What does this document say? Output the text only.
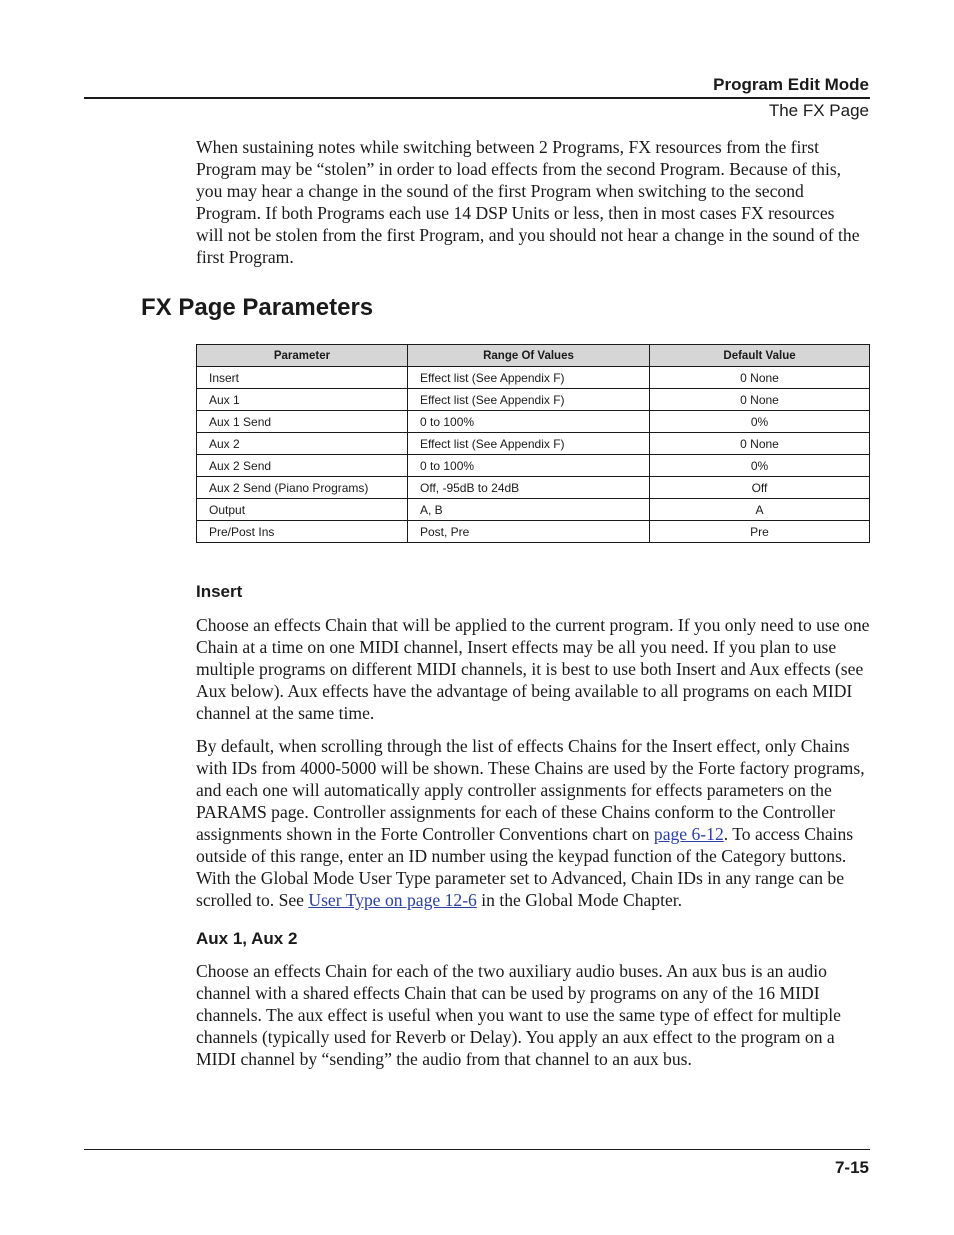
Program Edit Mode
The FX Page

When sustaining notes while switching between 2 Programs, FX resources from the first Program may be “stolen” in order to load effects from the second Program. Because of this, you may hear a change in the sound of the first Program when switching to the second Program. If both Programs each use 14 DSP Units or less, then in most cases FX resources will not be stolen from the first Program, and you should not hear a change in the sound of the first Program.

FX Page Parameters
Parameter	Range Of Values	Default Value
Insert	Effect list (See Appendix F)	0 None
Aux 1	Effect list (See Appendix F)	0 None
Aux 1 Send	0 to 100%	0%
Aux 2	Effect list (See Appendix F)	0 None
Aux 2 Send	0 to 100%	0%
Aux 2 Send (Piano Programs)	Off, -95dB to 24dB	Off
Output	A, B	A
Pre/Post Ins	Post, Pre	Pre
Insert

Choose an effects Chain that will be applied to the current program. If you only need to use one Chain at a time on one MIDI channel, Insert effects may be all you need. If you plan to use multiple programs on different MIDI channels, it is best to use both Insert and Aux effects (see Aux below). Aux effects have the advantage of being available to all programs on each MIDI channel at the same time.

By default, when scrolling through the list of effects Chains for the Insert effect, only Chains with IDs from 4000-5000 will be shown. These Chains are used by the Forte factory programs, and each one will automatically apply controller assignments for effects parameters on the PARAMS page. Controller assignments for each of these Chains conform to the Controller assignments shown in the Forte Controller Conventions chart on page 6-12. To access Chains outside of this range, enter an ID number using the keypad function of the Category buttons. With the Global Mode User Type parameter set to Advanced, Chain IDs in any range can be scrolled to. See User Type on page 12-6 in the Global Mode Chapter.

Aux 1, Aux 2

Choose an effects Chain for each of the two auxiliary audio buses. An aux bus is an audio channel with a shared effects Chain that can be used by programs on any of the 16 MIDI channels. The aux effect is useful when you want to use the same type of effect for multiple channels (typically used for Reverb or Delay). You apply an aux effect to the program on a MIDI channel by “sending” the audio from that channel to an aux bus.

7-15
